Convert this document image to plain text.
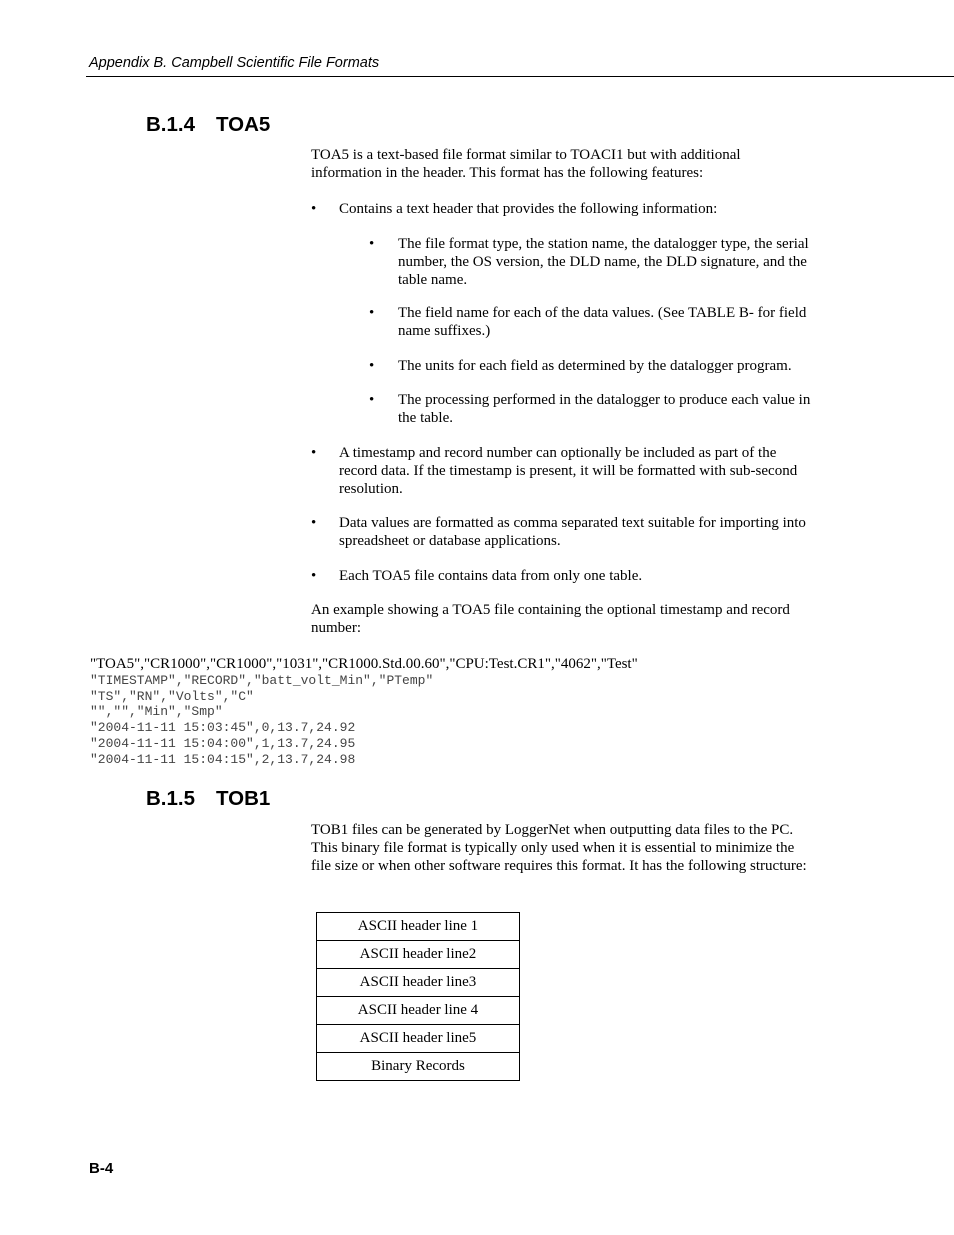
Appendix B. Campbell Scientific File Formats
B.1.4 TOA5

TOA5 is a text-based file format similar to TOACI1 but with additional information in the header. This format has the following features:

• Contains a text header that provides the following information:
• The file format type, the station name, the datalogger type, the serial number, the OS version, the DLD name, the DLD signature, and the table name.
• The field name for each of the data values. (See TABLE B- for field name suffixes.)
• The units for each field as determined by the datalogger program.
• The processing performed in the datalogger to produce each value in the table.
• A timestamp and record number can optionally be included as part of the record data. If the timestamp is present, it will be formatted with sub-second resolution.
• Data values are formatted as comma separated text suitable for importing into spreadsheet or database applications.
• Each TOA5 file contains data from only one table.

An example showing a TOA5 file containing the optional timestamp and record number:

"TOA5","CR1000","CR1000","1031","CR1000.Std.00.60","CPU:Test.CR1","4062","Test"
"TIMESTAMP","RECORD","batt_volt_Min","PTemp"
"TS","RN","Volts","C"
"","","Min","Smp"
"2004-11-11 15:03:45",0,13.7,24.92
"2004-11-11 15:04:00",1,13.7,24.95
"2004-11-11 15:04:15",2,13.7,24.98
B.1.5 TOB1

TOB1 files can be generated by LoggerNet when outputting data files to the PC. This binary file format is typically only used when it is essential to minimize the file size or when other software requires this format. It has the following structure:

ASCII header line 1
ASCII header line2
ASCII header line3
ASCII header line 4
ASCII header line5
Binary Records
B-4
